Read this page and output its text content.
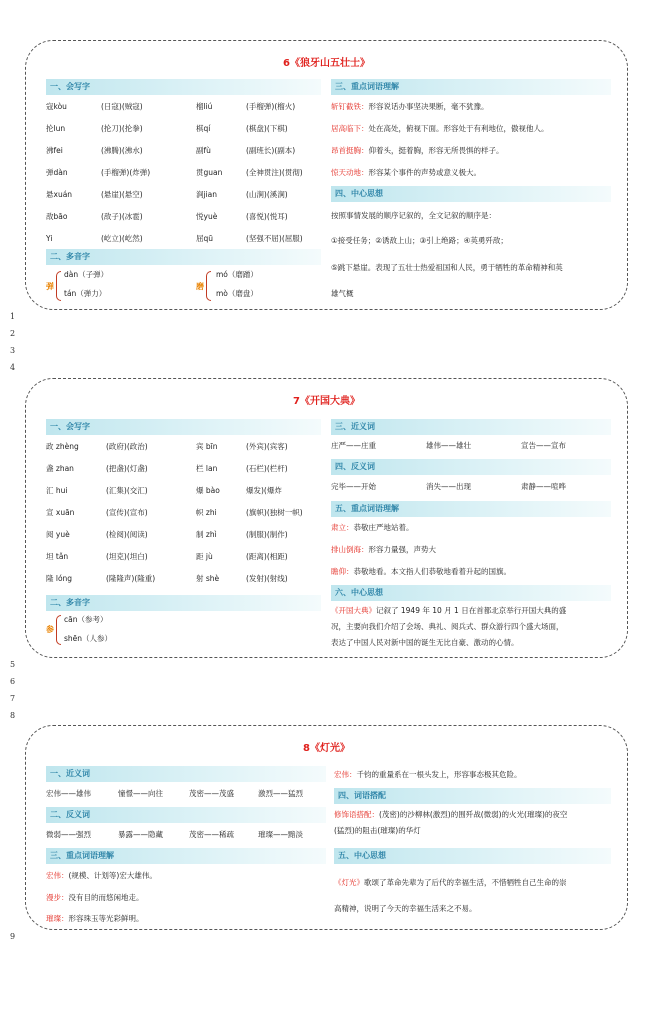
1
2
3
4
5
6
7
8
9
6《狼牙山五壮士》
一、会写字
寇kòu	(日寇)(贼寇)	榴liú	(手榴弹)(榴火)
抡lun	(抡刀)(抡拳)	棋qí	(棋盘)(下棋)
沸fei	(沸腾)(沸水)	副fù	(副班长)(副本)
弹dàn	(手榴弹)(炸弹)	贯guan	(全神贯注)(贯彻)
悬xuán	(悬崖)(悬空)	涧jian	(山涧)(溪涧)
敌bāo	(敌子)(冰雹)	悦yuè	(喜悦)(悦耳)
Yi	(屹立)(屹然)	屈qū	(坚强不屈)(屈服)
二、多音字
弹
dàn（子弹）
tán（弹力）
磨
mó（磨蹭）
mò（磨盘）
三、重点词语理解
斩钉截铁：形容说话办事坚决果断，毫不犹豫。
居高临下：处在高处，俯视下面。形容处于有利地位，傲视他人。
昂首挺胸：仰着头，挺着胸，形容无所畏惧的样子。
惊天动地：形容某个事件的声势或意义极大。
四、中心思想
按照事情发展的顺序记叙的，全文记叙的顺序是：
①接受任务；②诱敌上山；③引上绝路；④英勇歼敌；
⑤跳下悬崖。表现了五壮士热爱祖国和人民，勇于牺牲的革命精神和英
雄气概
7《开国大典》
一、会写字
政 zhèng	(政府)(政治)	宾 bīn	(外宾)(宾客)
盏 zhan	(把盏)(灯盏)	栏 lan	(石栏)(栏杆)
汇 hui	(汇集)(交汇)	爆 bào	爆发)(爆炸
宣 xuān	(宣传)(宣布)	帜 zhi	(旗帜)(独树一帜)
阅 yuè	(检阅)(阅读)	制 zhì	(制服)(制作)
坦 tǎn	(坦克)(坦白)	距 jù	(距离)(相距)
隆 lóng	(隆隆声)(隆重)	射 shè	(发射)(射线)
二、多音字
参
cān（参考）
shēn（人参）
三、近义词
庄严——庄重	雄伟——雄壮	宣告——宣布
四、反义词
完毕——开始	消失——出现	肃静——喧哗
五、重点词语理解
肃立：恭敬庄严地站着。
排山倒海：形容力量强，声势大
瞻仰：恭敬地看。本文指人们恭敬地看着升起的国旗。
六、中心思想
《开国大典》记叙了 1949 年 10 月 1 日在首都北京举行开国大典的盛
况，主要向我们介绍了会场、典礼、阅兵式、群众游行四个盛大场面，
表达了中国人民对新中国的诞生无比自豪、激动的心情。
8《灯光》
一、近义词
宏伟——雄伟	憧憬——向往	茂密——茂盛	激烈——猛烈
二、反义词
微弱——强烈	暴露——隐藏	茂密——稀疏	璀璨——黯淡
三、重点词语理解
宏伟：(规模、计划等)宏大雄伟。
漫步：没有目的而悠闲地走。
璀璨：形容珠玉等光彩鲜明。
宏伟：千钧的重量系在一根头发上，形容事态极其危险。
四、词语搭配
修饰语搭配：(茂密)的沙柳林(激烈)的围歼战(微弱)的火光(璀璨)的夜空
(猛烈)的阻击(璀璨)的华灯
五、中心思想
《灯光》歌颂了革命先辈为了后代的幸福生活，不惜牺牲自己生命的崇
高精神，说明了今天的幸福生活来之不易。
